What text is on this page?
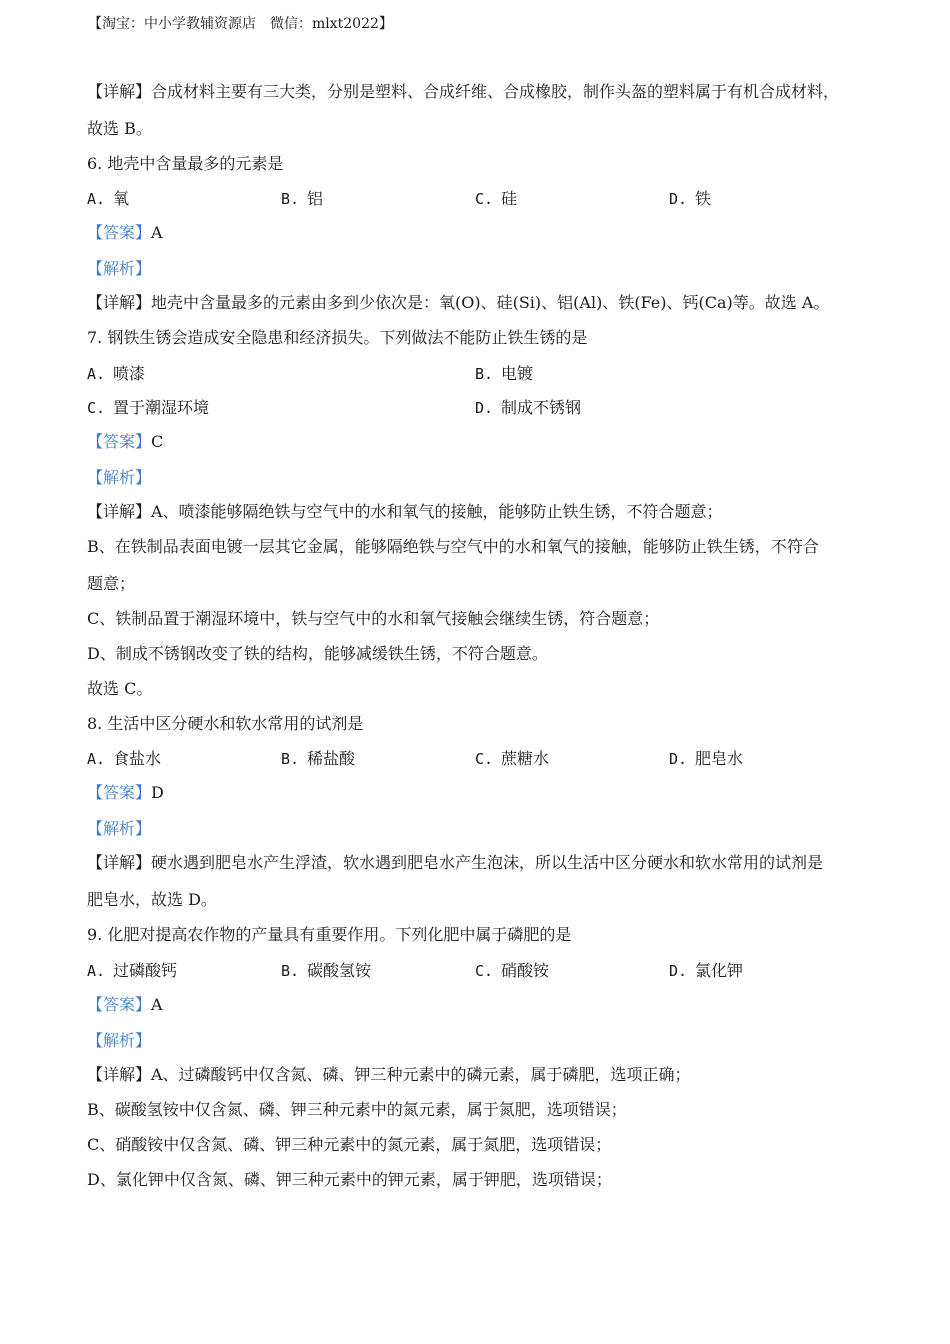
【淘宝：中小学教辅资源店　微信：mlxt2022】
【详解】合成材料主要有三大类，分别是塑料、合成纤维、合成橡胶，制作头盔的塑料属于有机合成材料，
故选 B。
6. 地壳中含量最多的元素是
A. 氧	B. 铝	C. 硅	D. 铁
【答案】A
【解析】
【详解】地壳中含量最多的元素由多到少依次是：氧(O)、硅(Si)、铝(Al)、铁(Fe)、钙(Ca)等。故选 A。
7. 钢铁生锈会造成安全隐患和经济损失。下列做法不能防止铁生锈的是
A. 喷漆	B. 电镀
C. 置于潮湿环境	D. 制成不锈钢
【答案】C
【解析】
【详解】A、喷漆能够隔绝铁与空气中的水和氧气的接触，能够防止铁生锈，不符合题意；
B、在铁制品表面电镀一层其它金属，能够隔绝铁与空气中的水和氧气的接触，能够防止铁生锈，不符合
题意；
C、铁制品置于潮湿环境中，铁与空气中的水和氧气接触会继续生锈，符合题意；
D、制成不锈钢改变了铁的结构，能够减缓铁生锈，不符合题意。
故选 C。
8. 生活中区分硬水和软水常用的试剂是
A. 食盐水	B. 稀盐酸	C. 蔗糖水	D. 肥皂水
【答案】D
【解析】
【详解】硬水遇到肥皂水产生浮渣，软水遇到肥皂水产生泡沫，所以生活中区分硬水和软水常用的试剂是
肥皂水，故选 D。
9. 化肥对提高农作物的产量具有重要作用。下列化肥中属于磷肥的是
A. 过磷酸钙	B. 碳酸氢铵	C. 硝酸铵	D. 氯化钾
【答案】A
【解析】
【详解】A、过磷酸钙中仅含氮、磷、钾三种元素中的磷元素，属于磷肥，选项正确；
B、碳酸氢铵中仅含氮、磷、钾三种元素中的氮元素，属于氮肥，选项错误；
C、硝酸铵中仅含氮、磷、钾三种元素中的氮元素，属于氮肥，选项错误；
D、氯化钾中仅含氮、磷、钾三种元素中的钾元素，属于钾肥，选项错误；
